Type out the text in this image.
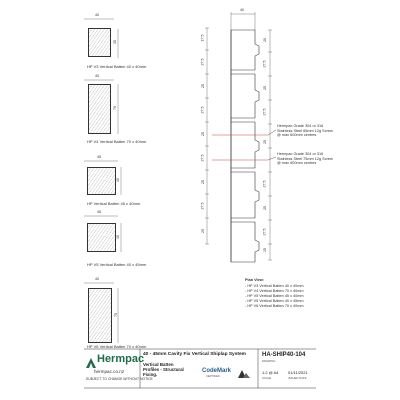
40
35
HP V3 Vertical Batten 40 x 40mm
40
70
HP V4 Vertical Batten 70 x 40mm
45
40
HP Vertical Batten 45 x 40mm
45
40
HP V5 Vertical Batten 40 x 45mm
40
75
HP V6 Vertical Batten 70 x 40mm
40
17.5
27.5
25
27.5
25
27.5
25
27.5
25
20
27.5
25
27.5
25
27.5
25
27.5
25
Hermpac Grade 304 or 316 Stainless Steel 65mm 12g Screw @ max 600mm centres
Hermpac Grade 304 or 316 Stainless Steel 75mm 12g Screw @ max 600mm centres
Plan View:
- HP V3 Vertical Batten 40 x 40mm
- HP V4 Vertical Batten 70 x 40mm
- HP V5 Vertical Batten 45 x 40mm
- HP V5 Vertical Batten 40 x 45mm
- HP V6 Vertical Batten 70 x 40mm
Hermpac
hermpac.co.nz
SUBJECT TO CHANGE WITHOUT NOTICE
40 - 45mm Cavity Fix Vertical Shiplap System
Vertical Batten Profiles - Structural Fixing.
CodeMark
CERTIFIED
HA-SHIP40-104
DRAWING
1:2 @ A4
SCALE
01/11/2021
ISSUED DATE
